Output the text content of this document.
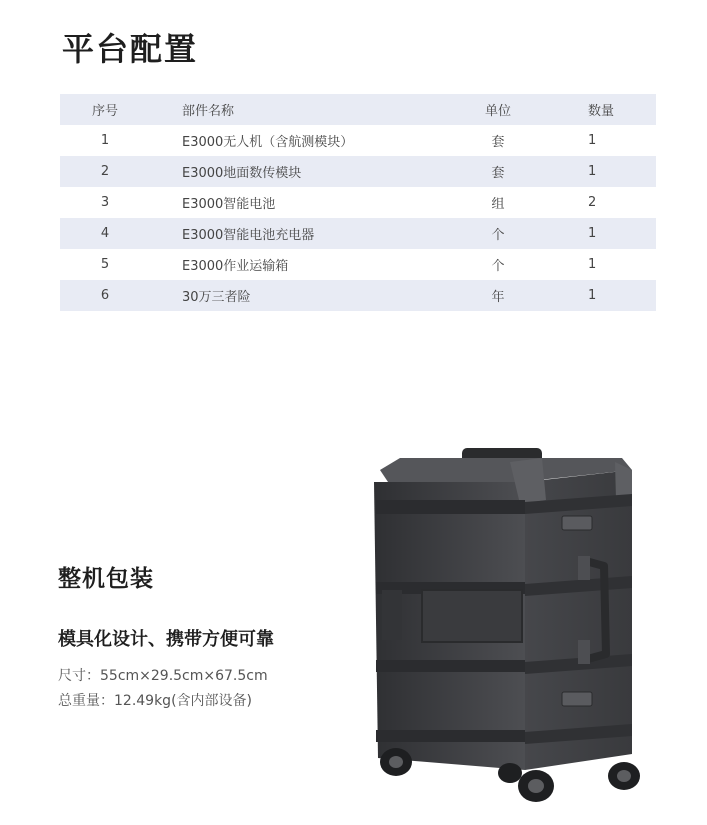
平台配置
序号	部件名称	单位	数量
1	E3000无人机（含航测模块）	套	1
2	E3000地面数传模块	套	1
3	E3000智能电池	组	2
4	E3000智能电池充电器	个	1
5	E3000作业运输箱	个	1
6	30万三者险	年	1
整机包装
模具化设计、携带方便可靠
尺寸：55cm×29.5cm×67.5cm
总重量：12.49kg(含内部设备)
